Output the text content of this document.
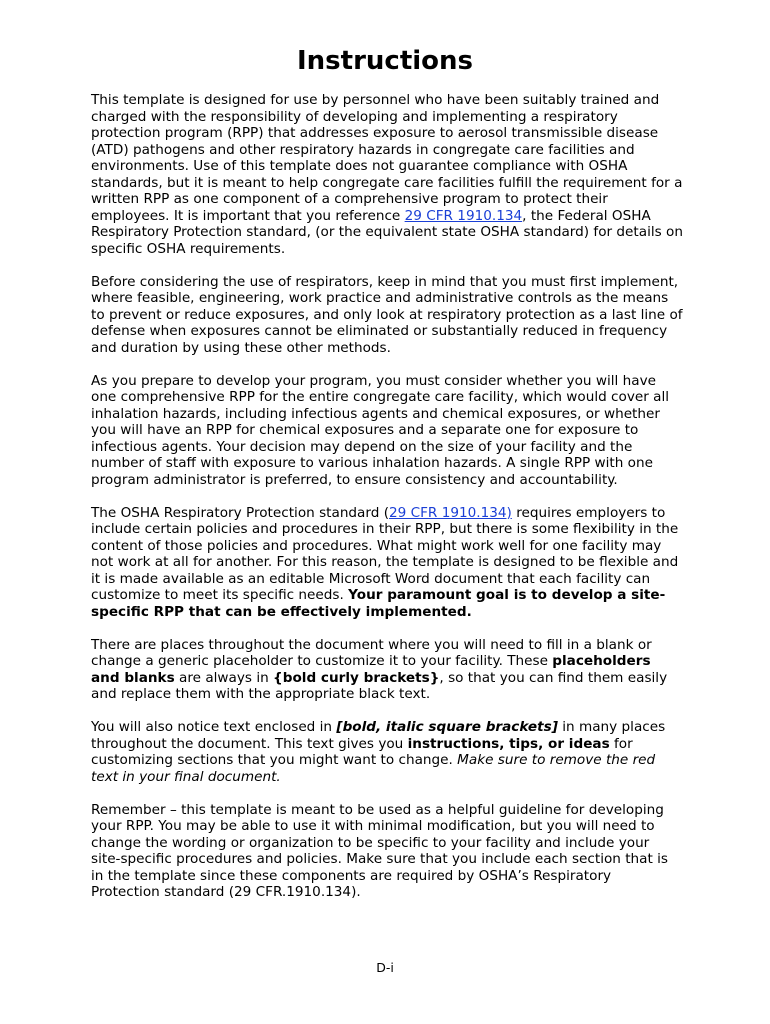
Instructions

This template is designed for use by personnel who have been suitably trained and charged with the responsibility of developing and implementing a respiratory protection program (RPP) that addresses exposure to aerosol transmissible disease (ATD) pathogens and other respiratory hazards in congregate care facilities and environments. Use of this template does not guarantee compliance with OSHA standards, but it is meant to help congregate care facilities fulfill the requirement for a written RPP as one component of a comprehensive program to protect their employees. It is important that you reference 29 CFR 1910.134, the Federal OSHA Respiratory Protection standard, (or the equivalent state OSHA standard) for details on specific OSHA requirements.

Before considering the use of respirators, keep in mind that you must first implement, where feasible, engineering, work practice and administrative controls as the means to prevent or reduce exposures, and only look at respiratory protection as a last line of defense when exposures cannot be eliminated or substantially reduced in frequency and duration by using these other methods.

As you prepare to develop your program, you must consider whether you will have one comprehensive RPP for the entire congregate care facility, which would cover all inhalation hazards, including infectious agents and chemical exposures, or whether you will have an RPP for chemical exposures and a separate one for exposure to infectious agents. Your decision may depend on the size of your facility and the number of staff with exposure to various inhalation hazards. A single RPP with one program administrator is preferred, to ensure consistency and accountability.

The OSHA Respiratory Protection standard (29 CFR 1910.134) requires employers to include certain policies and procedures in their RPP, but there is some flexibility in the content of those policies and procedures. What might work well for one facility may not work at all for another. For this reason, the template is designed to be flexible and it is made available as an editable Microsoft Word document that each facility can customize to meet its specific needs. Your paramount goal is to develop a site-specific RPP that can be effectively implemented.

There are places throughout the document where you will need to fill in a blank or change a generic placeholder to customize it to your facility. These placeholders and blanks are always in {bold curly brackets}, so that you can find them easily and replace them with the appropriate black text.

You will also notice text enclosed in [bold, italic square brackets] in many places throughout the document. This text gives you instructions, tips, or ideas for customizing sections that you might want to change. Make sure to remove the red text in your final document.

Remember – this template is meant to be used as a helpful guideline for developing your RPP. You may be able to use it with minimal modification, but you will need to change the wording or organization to be specific to your facility and include your site-specific procedures and policies. Make sure that you include each section that is in the template since these components are required by OSHA’s Respiratory Protection standard (29 CFR.1910.134).

D-i
